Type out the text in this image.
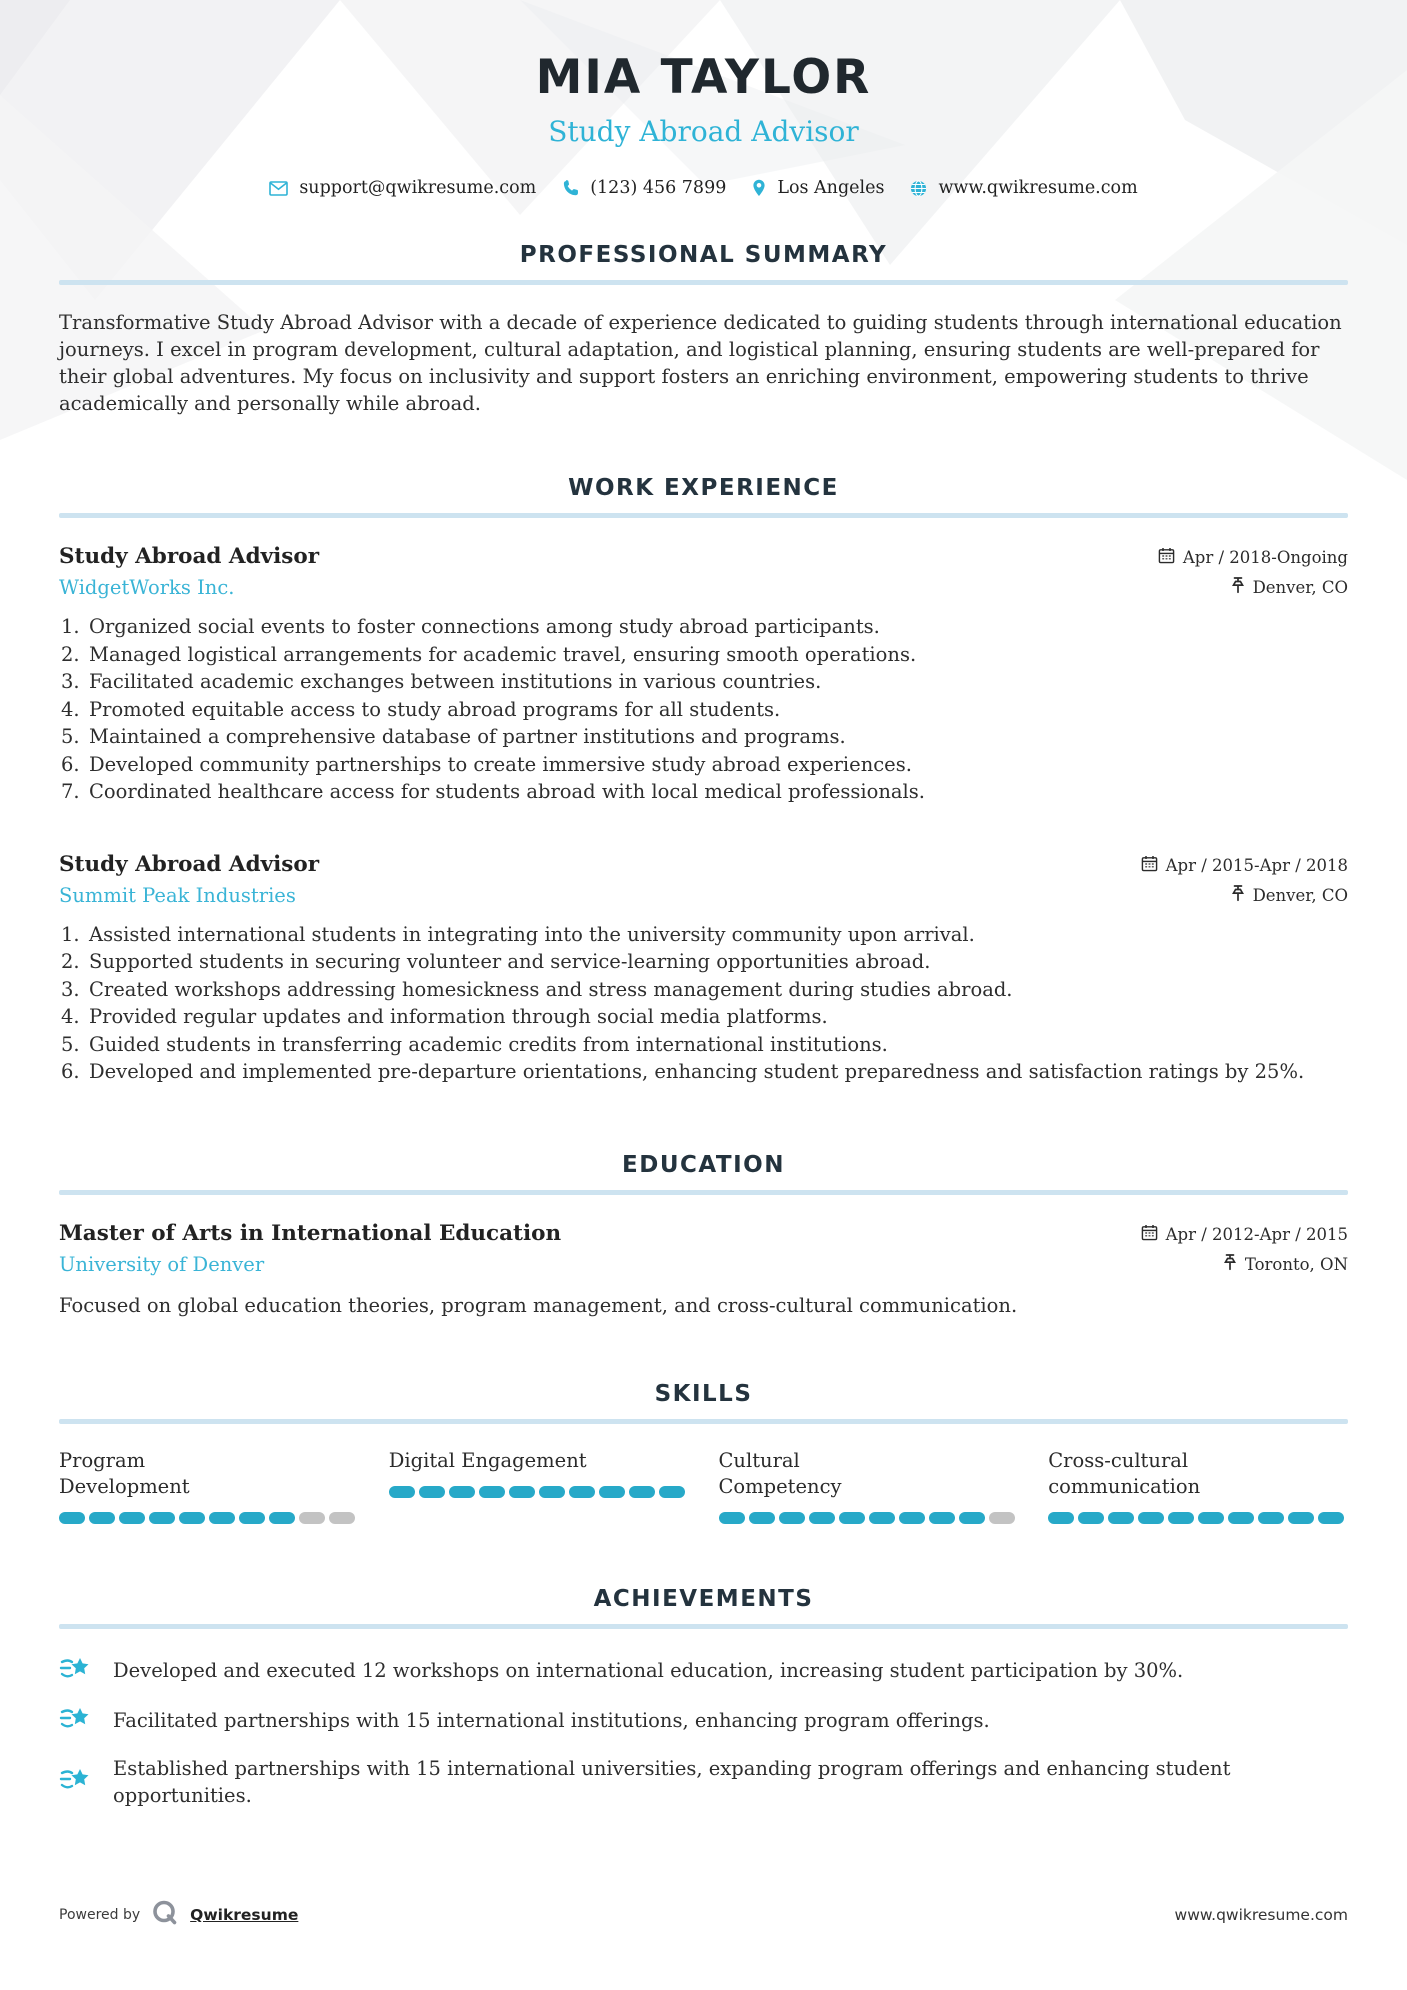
MIA TAYLOR
Study Abroad Advisor
support@qwikresume.com	(123) 456 7899	Los Angeles	www.qwikresume.com
PROFESSIONAL SUMMARY

Transformative Study Abroad Advisor with a decade of experience dedicated to guiding students through international education journeys. I excel in program development, cultural adaptation, and logistical planning, ensuring students are well-prepared for their global adventures. My focus on inclusivity and support fosters an enriching environment, empowering students to thrive academically and personally while abroad.

WORK EXPERIENCE
Study Abroad Advisor
WidgetWorks Inc.
Apr / 2018-Ongoing
Denver, CO
Organized social events to foster connections among study abroad participants.
Managed logistical arrangements for academic travel, ensuring smooth operations.
Facilitated academic exchanges between institutions in various countries.
Promoted equitable access to study abroad programs for all students.
Maintained a comprehensive database of partner institutions and programs.
Developed community partnerships to create immersive study abroad experiences.
Coordinated healthcare access for students abroad with local medical professionals.
Study Abroad Advisor
Summit Peak Industries
Apr / 2015-Apr / 2018
Denver, CO
Assisted international students in integrating into the university community upon arrival.
Supported students in securing volunteer and service-learning opportunities abroad.
Created workshops addressing homesickness and stress management during studies abroad.
Provided regular updates and information through social media platforms.
Guided students in transferring academic credits from international institutions.
Developed and implemented pre-departure orientations, enhancing student preparedness and satisfaction ratings by 25%.
EDUCATION
Master of Arts in International Education
University of Denver
Apr / 2012-Apr / 2015
Toronto, ON

Focused on global education theories, program management, and cross-cultural communication.

SKILLS
Program Development
Digital Engagement	Cultural Competency
Cross-cultural communication
ACHIEVEMENTS
Developed and executed 12 workshops on international education, increasing student participation by 30%.
Facilitated partnerships with 15 international institutions, enhancing program offerings.
Established partnerships with 15 international universities, expanding program offerings and enhancing student opportunities.
Powered by	Qwikresume	www.qwikresume.com
